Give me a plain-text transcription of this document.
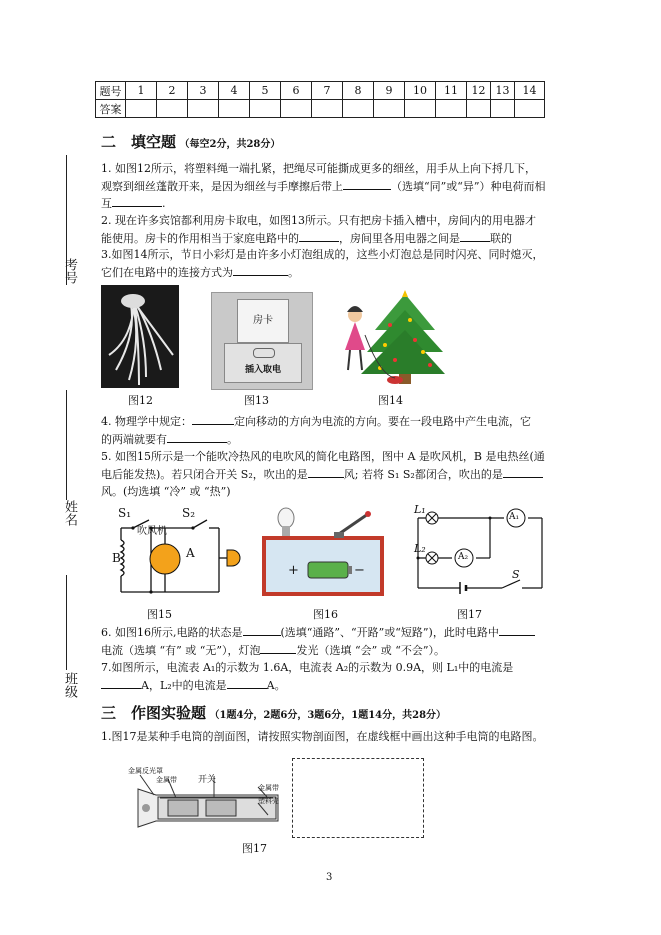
考号
姓名
班级
题号	1	2	3	4	5	6	7	8	9	10	11	12	13	14
答案														
二　填空题 （每空2分，共28分）
1. 如图12所示，将塑料绳一端扎紧，把绳尽可能撕成更多的细丝，用手从上向下捋几下，
观察到细丝蓬散开来，是因为细丝与手摩擦后带上	（选填“同”或“异”）种电荷而相
互	.
2. 现在许多宾馆都利用房卡取电，如图13所示。只有把房卡插入槽中，房间内的用电器才
能使用。房卡的作用相当于家庭电路中的	，房间里各用电器之间是	联的
3.如图14所示，节日小彩灯是由许多小灯泡组成的，这些小灯泡总是同时闪亮、同时熄灭，
它们在电路中的连接方式为	。
图12
房卡
插入取电
图13	图14
4. 物理学中规定：	定向移动的方向为电流的方向。要在一段电路中产生电流，它
的两端就要有	。
5. 如图15所示是一个能吹冷热风的电吹风的简化电路图，图中 A 是吹风机，B 是电热丝(通
电后能发热)。若只闭合开关 S₂，吹出的是	风; 若将 S₁ S₂都闭合，吹出的是
风。(均选填 “冷” 或 “热”)
吹风机
S₁	S₂
B	A
图15
+	−
图16
L₁
L₂
A₁
A₂
S
图17
6. 如图16所示,电路的状态是	(选填“通路”、“开路”或“短路”)，此时电路中
电流（选填 “有” 或 “无”），灯泡	发光（选填 “会” 或 “不会”）。
7.如图所示，电流表 A₁的示数为 1.6A，电流表 A₂的示数为 0.9A，则 L₁中的电流是
A，L₂中的电流是	A。
三　作图实验题 （1题4分，2题6分，3题6分，1题14分，共28分）
1.图17是某种手电筒的剖面图，请按照实物剖面图，在虚线框中画出这种手电筒的电路图。
金属反光罩
金属带 开关
金属带
塑料壳
图17
3
